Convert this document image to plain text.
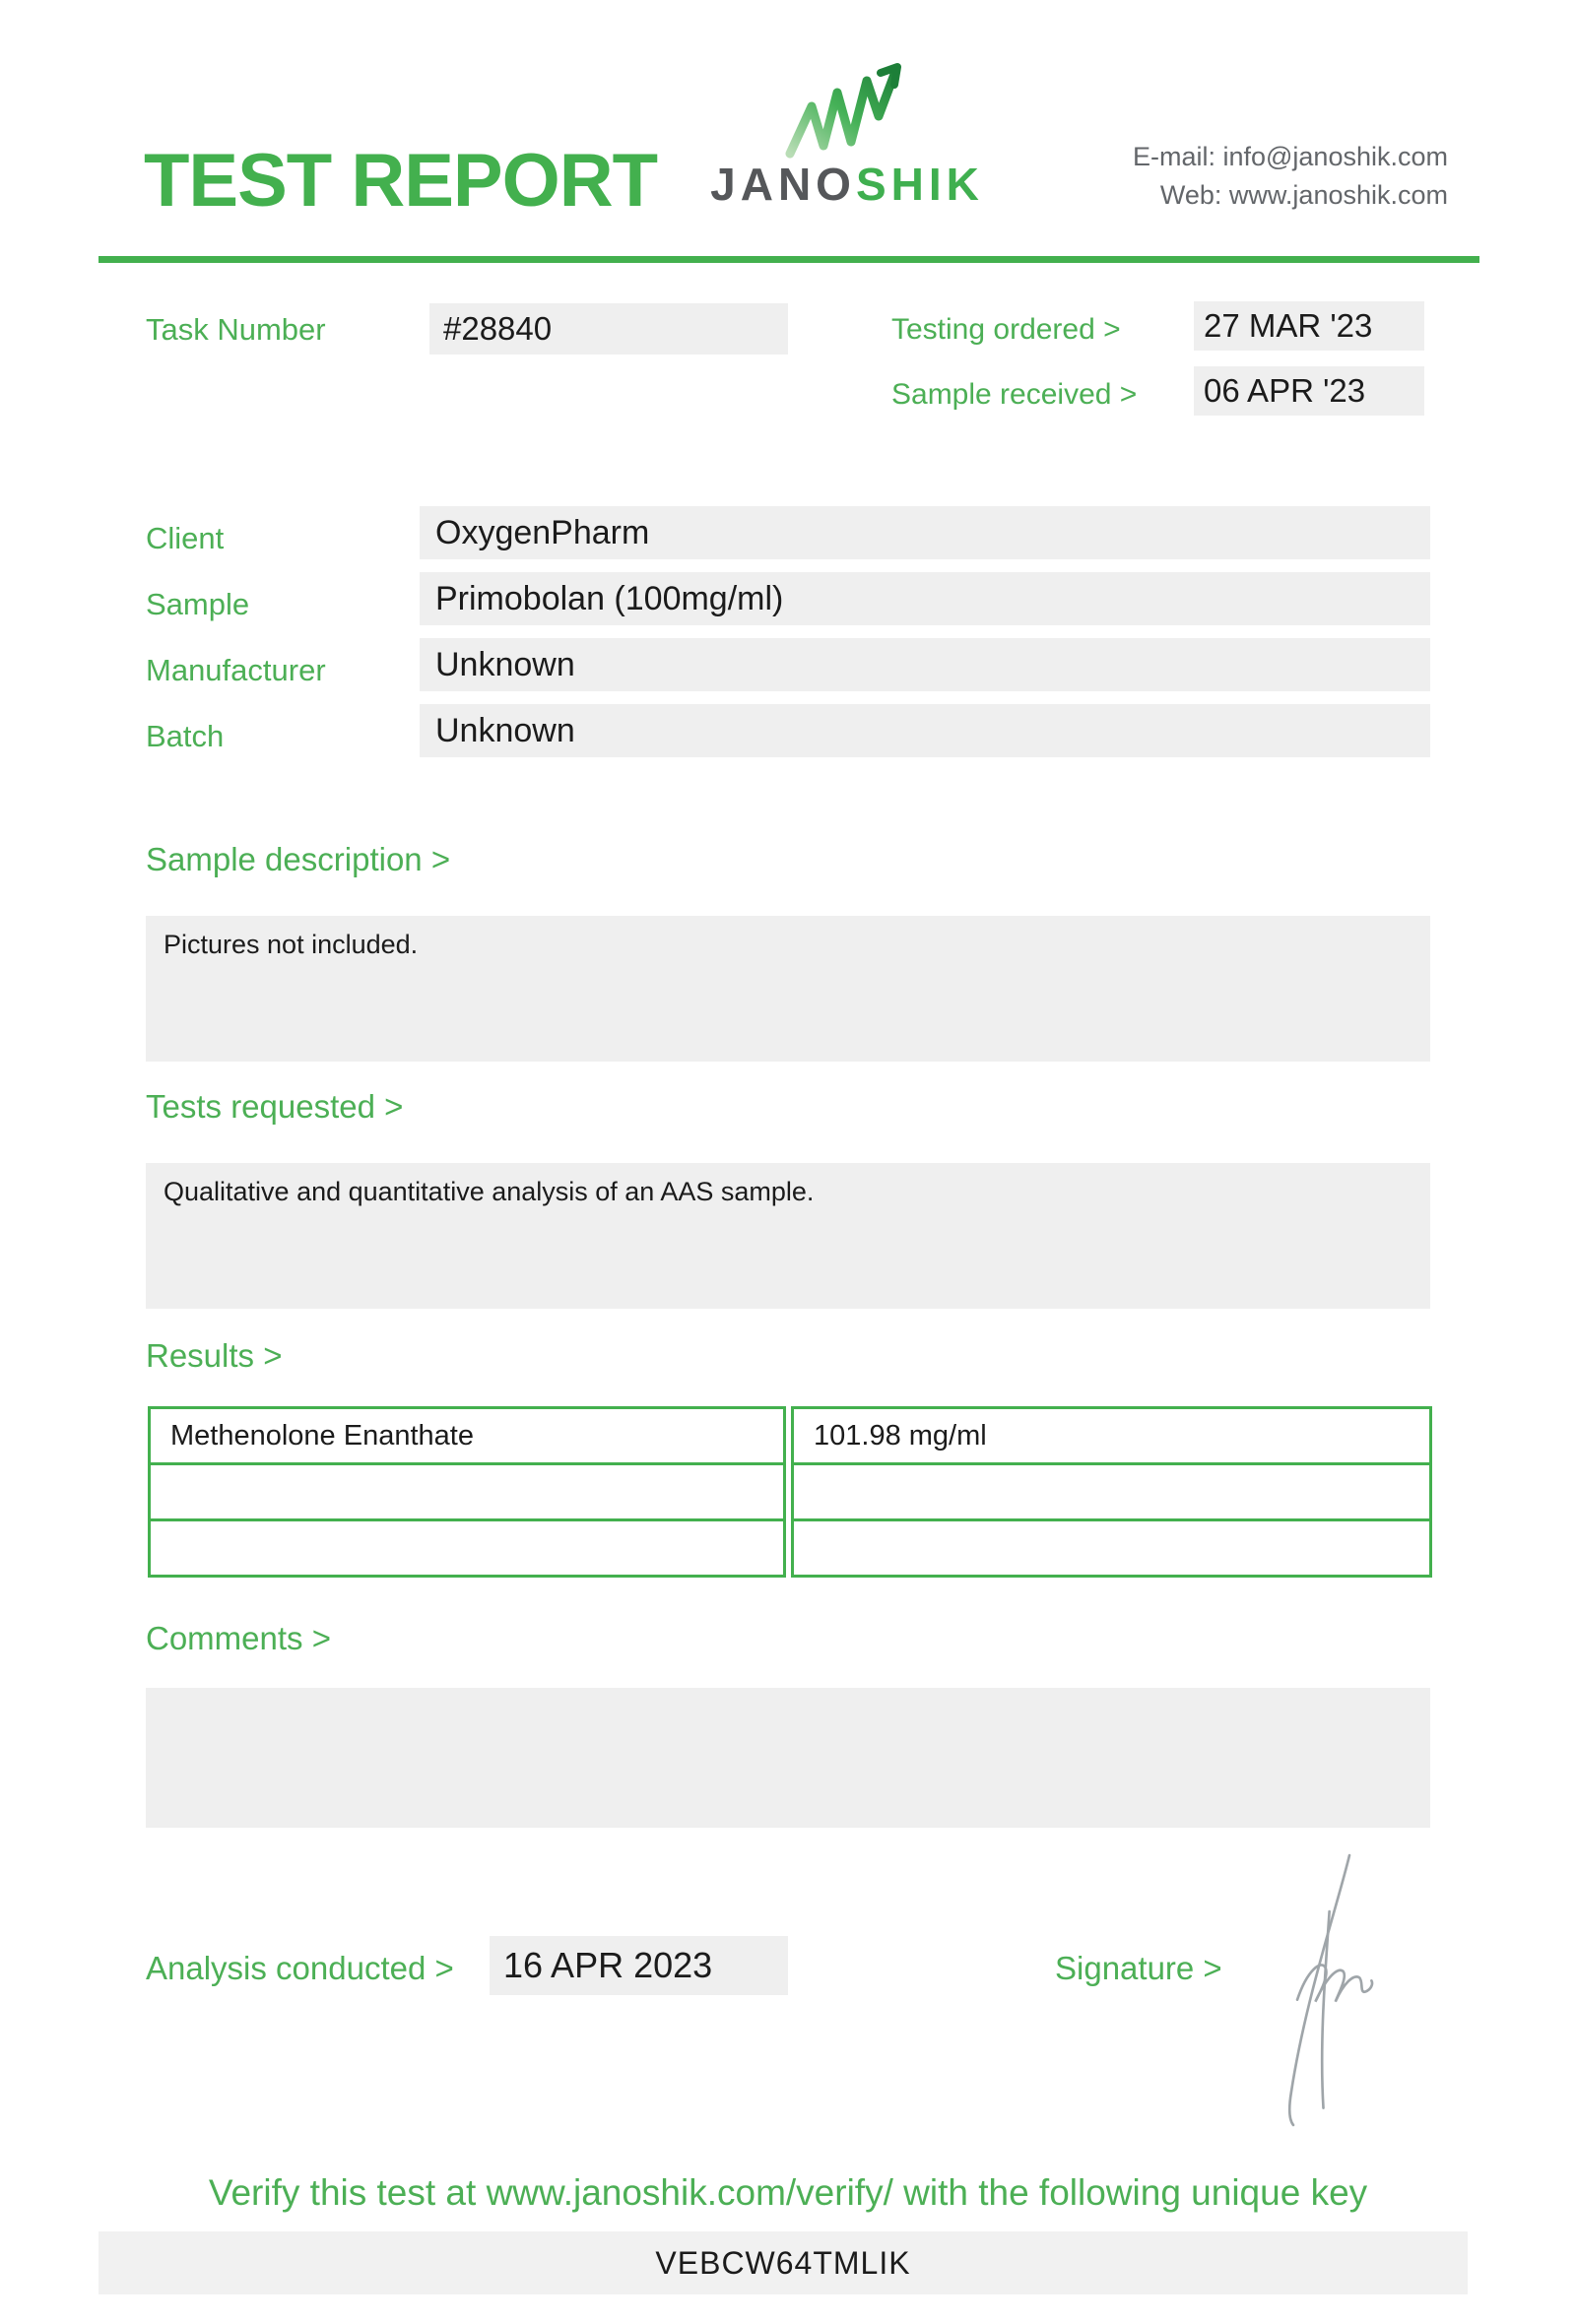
TEST REPORT	JANOSHIK
E-mail: info@janoshik.com
Web: www.janoshik.com
Task Number	#28840	Testing ordered >	27 MAR '23
Sample received >	06 APR '23
Client	OxygenPharm
Sample	Primobolan (100mg/ml)
Manufacturer	Unknown
Batch	Unknown
Sample description >
Pictures not included.
Tests requested >
Qualitative and quantitative analysis of an AAS sample.
Results >
Methenolone Enanthate	101.98 mg/ml
Comments >
Analysis conducted >	16 APR 2023	Signature >
Verify this test at www.janoshik.com/verify/ with the following unique key
VEBCW64TMLIK
